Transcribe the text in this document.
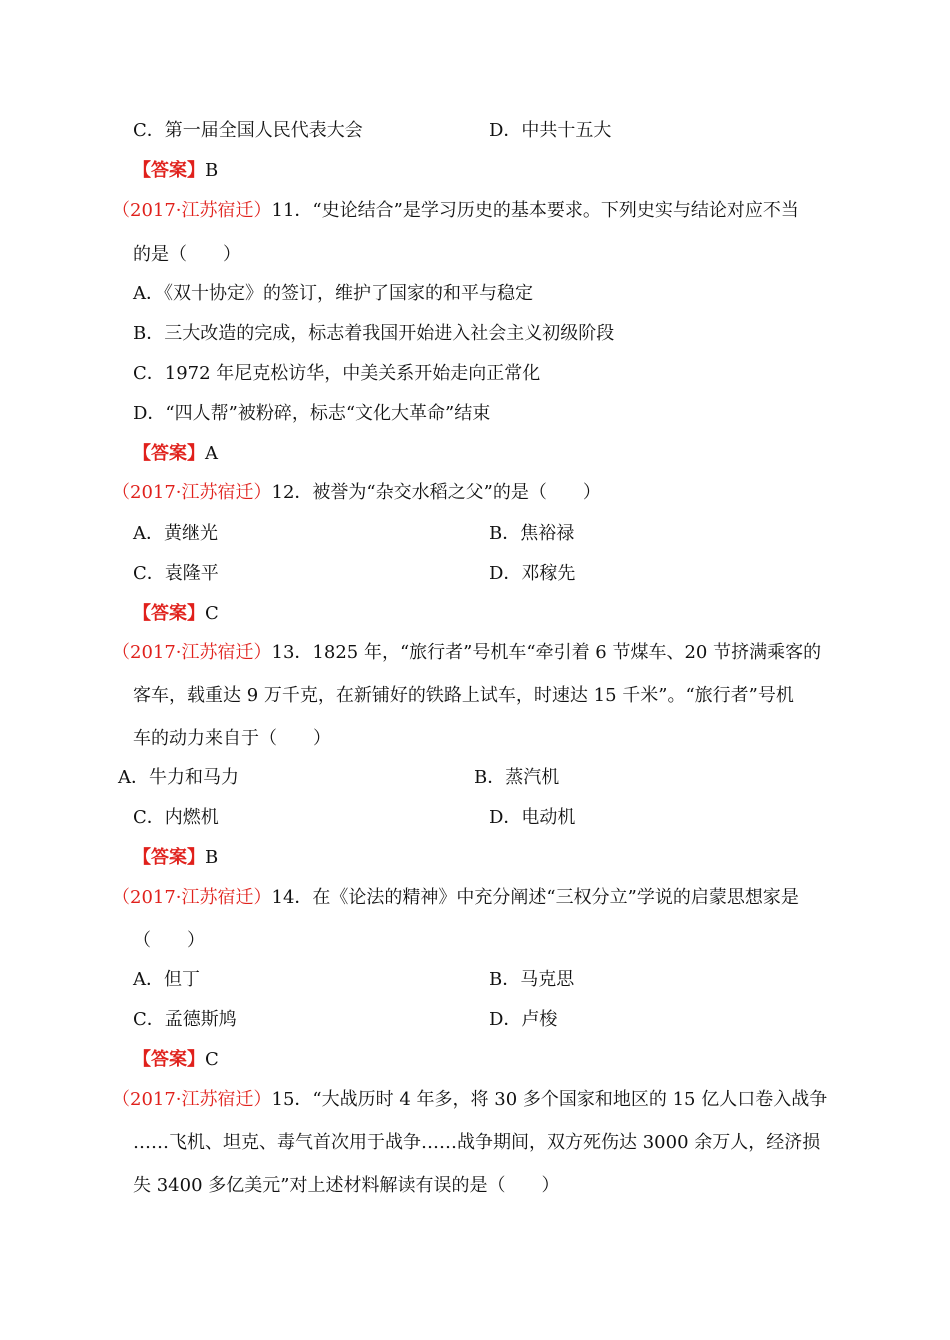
C．第一届全国人民代表大会	D．中共十五大
【答案】B
（2017·江苏宿迁）11．“史论结合”是学习历史的基本要求。下列史实与结论对应不当
的是（　　）
A．《双十协定》的签订，维护了国家的和平与稳定
B．三大改造的完成，标志着我国开始进入社会主义初级阶段
C．1972 年尼克松访华，中美关系开始走向正常化
D．“四人帮”被粉碎，标志“文化大革命”结束
【答案】A
（2017·江苏宿迁）12．被誉为“杂交水稻之父”的是（　　）
A．黄继光	B．焦裕禄
C．袁隆平	D．邓稼先
【答案】C
（2017·江苏宿迁）13．1825 年，“旅行者”号机车“牵引着 6 节煤车、20 节挤满乘客的
客车，载重达 9 万千克，在新铺好的铁路上试车，时速达 15 千米”。“旅行者”号机
车的动力来自于（　　）
A．牛力和马力	B．蒸汽机
C．内燃机	D．电动机
【答案】B
（2017·江苏宿迁）14．在《论法的精神》中充分阐述“三权分立”学说的启蒙思想家是
（　　）
A．但丁	B．马克思
C．孟德斯鸠	D．卢梭
【答案】C
（2017·江苏宿迁）15．“大战历时 4 年多，将 30 多个国家和地区的 15 亿人口卷入战争
……飞机、坦克、毒气首次用于战争……战争期间，双方死伤达 3000 余万人，经济损
失 3400 多亿美元”对上述材料解读有误的是（　　）
